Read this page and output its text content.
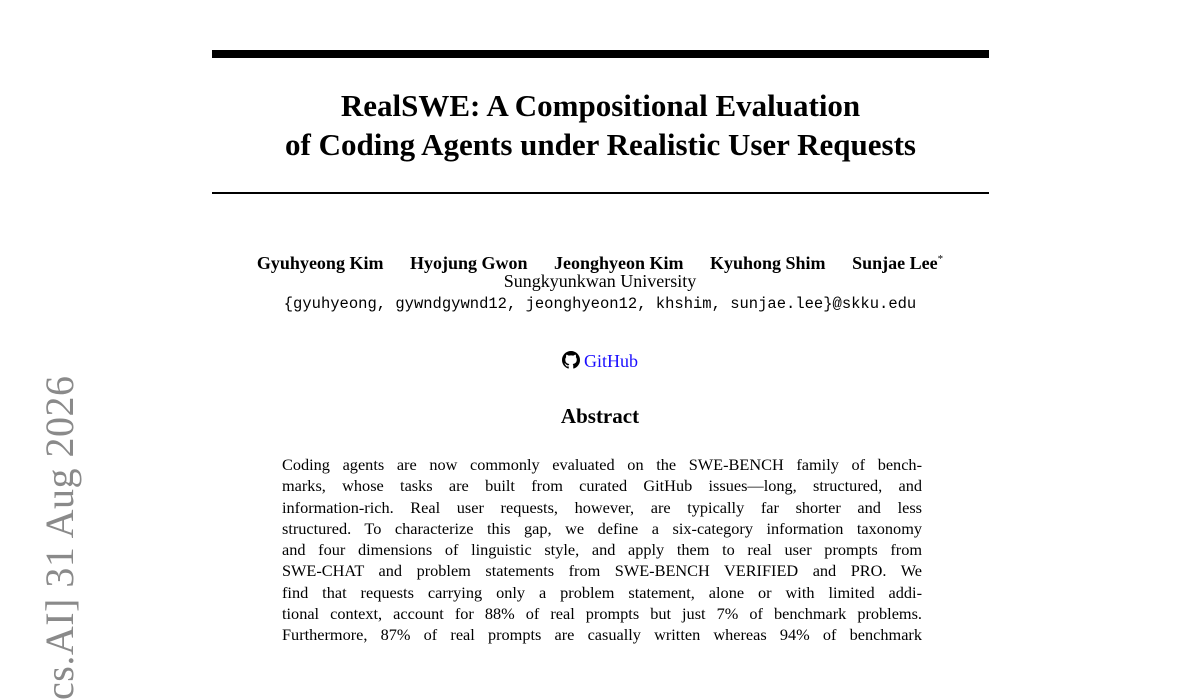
RealSWE: A Compositional Evaluation
of Coding Agents under Realistic User Requests
Gyuhyeong Kim Hyojung Gwon Jeonghyeon Kim Kyuhong Shim Sunjae Lee*
Sungkyunkwan University
{gyuhyeong, gywndgywnd12, jeonghyeon12, khshim, sunjae.lee}@skku.edu
GitHub
Abstract
Coding agents are now commonly evaluated on the SWE-BENCH family of bench-
marks, whose tasks are built from curated GitHub issues—long, structured, and
information-rich. Real user requests, however, are typically far shorter and less
structured. To characterize this gap, we define a six-category information taxonomy
and four dimensions of linguistic style, and apply them to real user prompts from
SWE-CHAT and problem statements from SWE-BENCH VERIFIED and PRO. We
find that requests carrying only a problem statement, alone or with limited addi-
tional context, account for 88% of real prompts but just 7% of benchmark problems.
Furthermore, 87% of real prompts are casually written whereas 94% of benchmark
cs.AI] 31 Aug 2026
